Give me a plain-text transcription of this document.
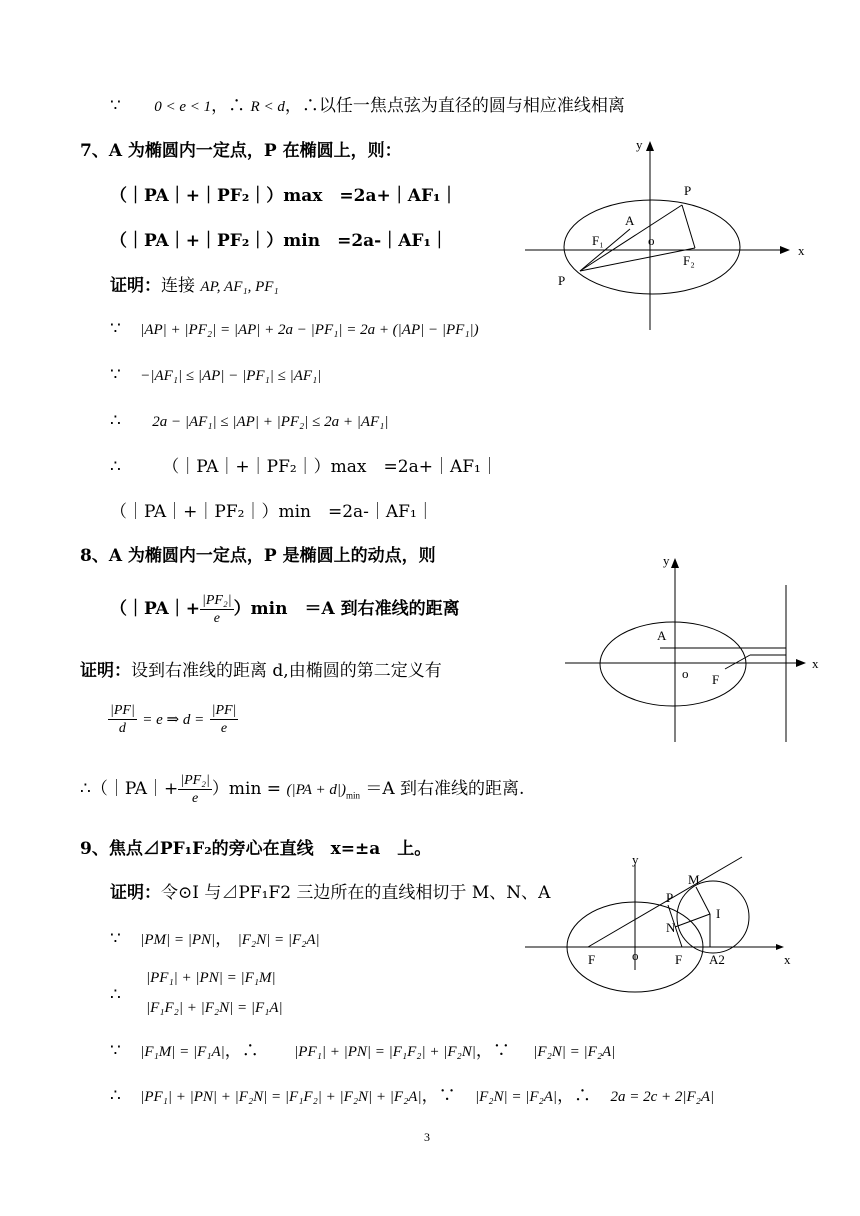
∵ 0 < e < 1，∴ R < d，∴以任一焦点弦为直径的圆与相应准线相离
7、A 为椭圆内一定点，P 在椭圆上，则：
（｜PA｜+｜PF₂｜）max　=2a+｜AF₁｜
（｜PA｜+｜PF₂｜）min　=2a-｜AF₁｜
证明：连接 AP, AF₁, PF₁
∵ |AP| + |PF₂| = |AP| + 2a − |PF₁| = 2a + (|AP| − |PF₁|)
∵ −|AF₁| ≤ |AP| − |PF₁| ≤ |AF₁|
∴ 2a − |AF₁| ≤ |AP| + |PF₂| ≤ 2a + |AF₁|
∴ （｜PA｜+｜PF₂｜）max　=2a+｜AF₁｜
（｜PA｜+｜PF₂｜）min　=2a-｜AF₁｜
y
x
P
A
F₁	o
F₂
P
8、A 为椭圆内一定点，P 是椭圆上的动点，则
（｜PA｜+ $\frac{\text{|PF₂|}}{e} )\min$　＝A 到右准线的距离
证明：设到右准线的距离 d,由椭圆的第二定义有
$\frac{|PF|}{d} = e$ ⇒ $d = \frac{|PF|}{e}$
∴（｜PA｜+ $\frac{\text{|PF₂|}}{e} )\min = (|PA + d|)_{min} =A$ 到右准线的距离.
y
x
A
o F
9、焦点⊿PF₁F₂的旁心在直线　x=±a　上。
证明：令⊙I 与⊿PF₁F2 三边所在的直线相切于 M、N、A
∵ |PM| = |PN|， |F₂N| = |F₂A|
∴
|PF₁| + |PN| = |F₁M|
|F₁F₂| + |F₂N| = |F₁A|
∵ |F₁M| = |F₁A|，∴ |PF₁| + |PN| = |F₁F₂| + |F₂N|，∵ |F₂N| = |F₂A|
∴ |PF₁| + |PN| + |F₂N| = |F₁F₂| + |F₂N| + |F₂A|，∵ |F₂N| = |F₂A|，∴ 2a = 2c + 2|F₂A|
y
x
P
M
N
I
F	o	F A2
3
